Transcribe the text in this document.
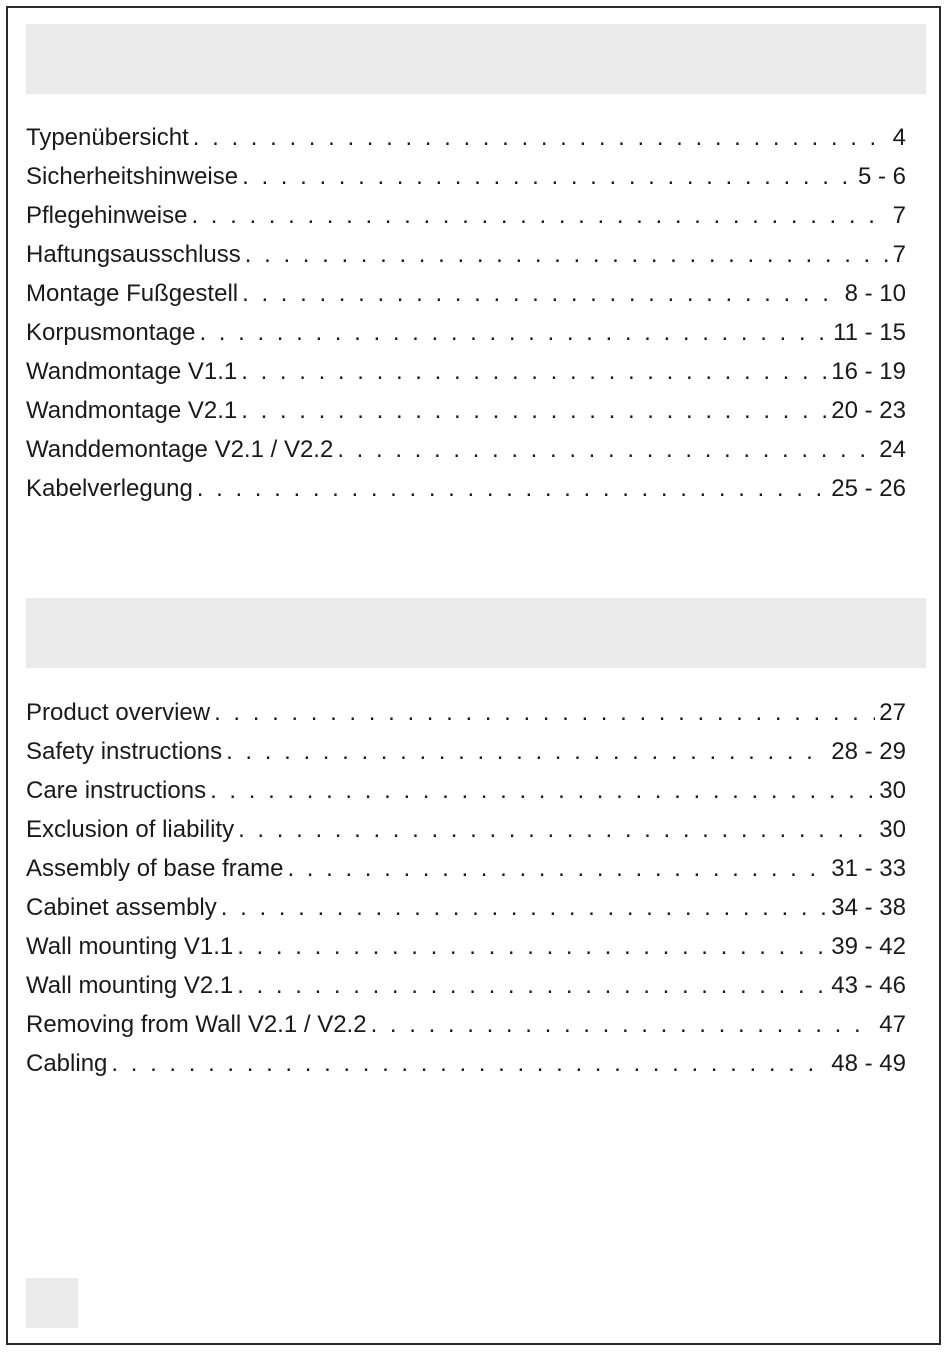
Typenübersicht . . .	4
Sicherheitshinweise . . .	5 - 6
Pflegehinweise . . .	7
Haftungsausschluss . . .	7
Montage Fußgestell . . .	8 - 10
Korpusmontage . . .	11 - 15
Wandmontage V1.1 . . .	16 - 19
Wandmontage V2.1 . . .	20 - 23
Wanddemontage V2.1 / V2.2 . . .	24
Kabelverlegung . . .	25 - 26
Product overview . . .	27
Safety instructions . . .	28 - 29
Care instructions . . .	30
Exclusion of liability . . .	30
Assembly of base frame . . .	31 - 33
Cabinet assembly . . .	34 - 38
Wall mounting V1.1 . . .	39 - 42
Wall mounting V2.1 . . .	43 - 46
Removing from Wall V2.1 / V2.2 . . .	47
Cabling . . .	48 - 49
